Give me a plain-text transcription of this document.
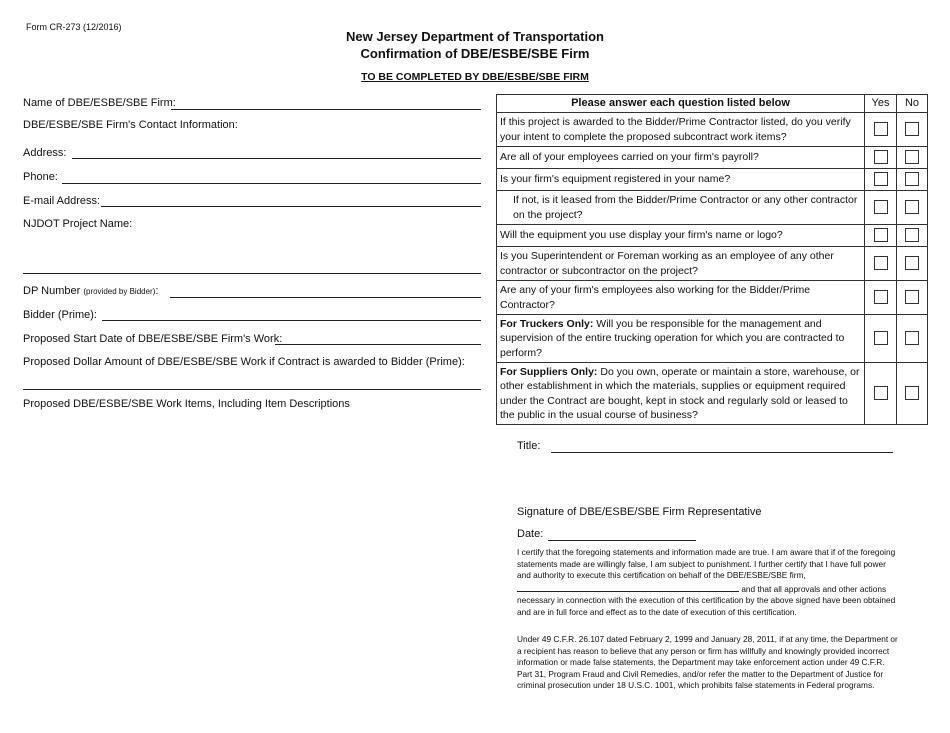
Form CR-273 (12/2016)
New Jersey Department of Transportation
Confirmation of DBE/ESBE/SBE Firm
TO BE COMPLETED BY DBE/ESBE/SBE FIRM
Name of DBE/ESBE/SBE Firm:
DBE/ESBE/SBE Firm's Contact Information:
Address:
Phone:
E-mail Address:
NJDOT Project Name:
DP Number (provided by Bidder):
Bidder (Prime):
Proposed Start Date of DBE/ESBE/SBE Firm's Work:
Proposed Dollar Amount of DBE/ESBE/SBE Work if Contract is awarded to Bidder (Prime):
Proposed DBE/ESBE/SBE Work Items, Including Item Descriptions
Please answer each question listed below	Yes	No
If this project is awarded to the Bidder/Prime Contractor listed, do you verify your intent to complete the proposed subcontract work items?		
Are all of your employees carried on your firm's payroll?		
Is your firm's equipment registered in your name?		
If not, is it leased from the Bidder/Prime Contractor or any other contractor on the project?		
Will the equipment you use display your firm's name or logo?		
Is you Superintendent or Foreman working as an employee of any other contractor or subcontractor on the project?		
Are any of your firm's employees also working for the Bidder/Prime Contractor?		
For Truckers Only: Will you be responsible for the management and supervision of the entire trucking operation for which you are contracted to perform?		
For Suppliers Only: Do you own, operate or maintain a store, warehouse, or other establishment in which the materials, supplies or equipment required under the Contract are bought, kept in stock and regularly sold or leased to the public in the usual course of business?		
Title:
Signature of DBE/ESBE/SBE Firm Representative
Date:
I certify that the foregoing statements and information made are true. I am aware that if of the foregoing statements made are willingly false, I am subject to punishment. I further certify that I have full power and authority to execute this certification on behalf of the DBE/ESBE/SBE firm,
and that all approvals and other actions necessary in connection with the execution of this certification by the above signed have been obtained and are in full force and effect as to the date of execution of this certification.
Under 49 C.F.R. 26.107 dated February 2, 1999 and January 28, 2011, if at any time, the Department or a recipient has reason to believe that any person or firm has willfully and knowingly provided incorrect information or made false statements, the Department may take enforcement action under 49 C.F.R. Part 31, Program Fraud and Civil Remedies, and/or refer the matter to the Department of Justice for criminal prosecution under 18 U.S.C. 1001, which prohibits false statements in Federal programs.
